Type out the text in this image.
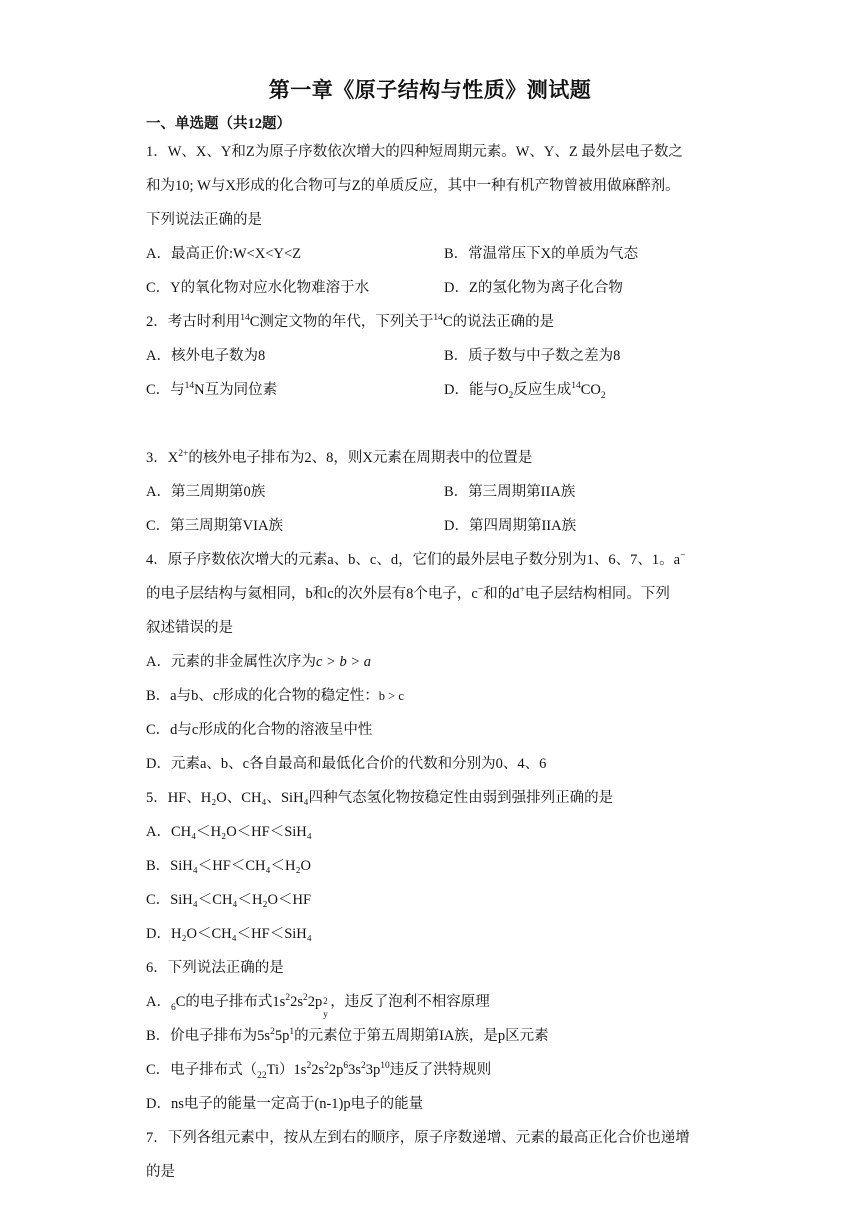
第一章《原子结构与性质》测试题
一、单选题（共12题）
1．W、X、Y和Z为原子序数依次增大的四种短周期元素。W、Y、Z 最外层电子数之
和为10; W与X形成的化合物可与Z的单质反应，其中一种有机产物曾被用做麻醉剂。
下列说法正确的是
A．最高正价:W<X<Y<Z	B．常温常压下X的单质为气态
C．Y的氧化物对应水化物难溶于水	D．Z的氢化物为离子化合物
2．考古时利用$^{14}$C测定文物的年代，下列关于$^{14}$C的说法正确的是
A．核外电子数为8	B．质子数与中子数之差为8
C．与$^{14}$N互为同位素	D．能与$O_2$反应生成$^{14}CO_2$
3．$X^{2+}$的核外电子排布为2、8，则X元素在周期表中的位置是
A．第三周期第0族	B．第三周期第IIA族
C．第三周期第VIA族	D．第四周期第IIA族
4．原子序数依次增大的元素a、b、c、d，它们的最外层电子数分别为1、6、7、1。a−
的电子层结构与氦相同，b和c的次外层有8个电子，c−和的d+电子层结构相同。下列
叙述错误的是
A．元素的非金属性次序为c > b > a
B．a与b、c形成的化合物的稳定性：b > c
C．d与c形成的化合物的溶液呈中性
D．元素a、b、c各自最高和最低化合价的代数和分别为0、4、6
5．HF、H₂O、CH₄、SiH₄四种气态氢化物按稳定性由弱到强排列正确的是
A．CH₄＜H₂O＜HF＜SiH₄
B．SiH₄＜HF＜CH₄＜H₂O
C．SiH₄＜CH₄＜H₂O＜HF
D．H₂O＜CH₄＜HF＜SiH₄
6．下列说法正确的是
A．$_6$C的电子排布式$1s^22s^22p$ 2
y
，违反了泡利不相容原理
B．价电子排布为$5s^25p^1$的元素位于第五周期第IA族，是p区元素
C．电子排布式$(_{22}Ti)1s^22s^22p^63s^23p^{10}$违反了洪特规则
D．ns电子的能量一定高于(n-1)p电子的能量
7．下列各组元素中，按从左到右的顺序，原子序数递增、元素的最高正化合价也递增
的是
